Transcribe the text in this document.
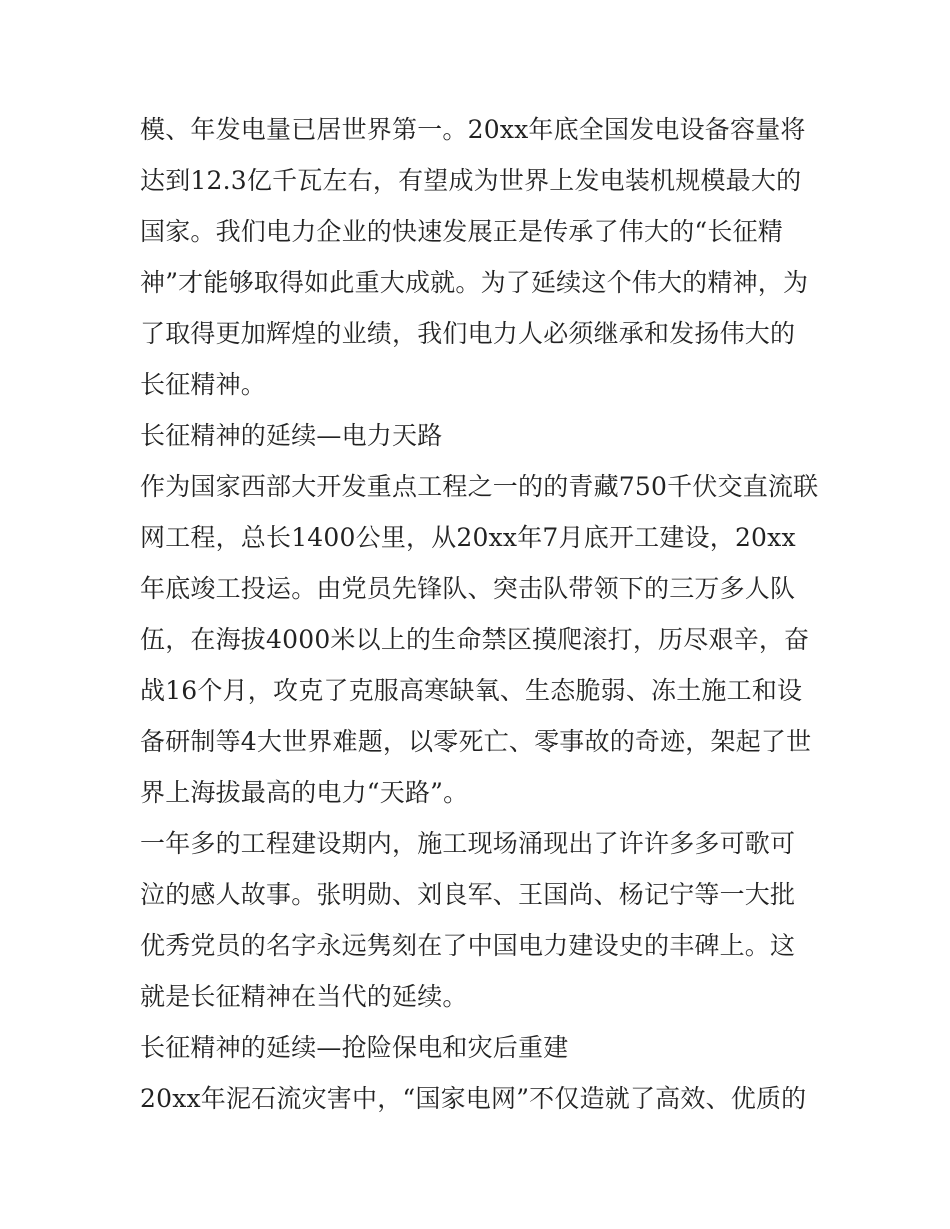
模、年发电量已居世界第一。20xx年底全国发电设备容量将达到12.3亿千瓦左右，有望成为世界上发电装机规模最大的国家。我们电力企业的快速发展正是传承了伟大的“长征精神”才能够取得如此重大成就。为了延续这个伟大的精神，为了取得更加辉煌的业绩，我们电力人必须继承和发扬伟大的长征精神。

长征精神的延续—电力天路

作为国家西部大开发重点工程之一的的青藏750千伏交直流联网工程，总长1400公里，从20xx年7月底开工建设，20xx年底竣工投运。由党员先锋队、突击队带领下的三万多人队伍，在海拔4000米以上的生命禁区摸爬滚打，历尽艰辛，奋战16个月，攻克了克服高寒缺氧、生态脆弱、冻土施工和设备研制等4大世界难题，以零死亡、零事故的奇迹，架起了世界上海拔最高的电力“天路”。

一年多的工程建设期内，施工现场涌现出了许许多多可歌可泣的感人故事。张明勋、刘良军、王国尚、杨记宁等一大批优秀党员的名字永远隽刻在了中国电力建设史的丰碑上。这就是长征精神在当代的延续。

长征精神的延续—抢险保电和灾后重建

20xx年泥石流灾害中，“国家电网”不仅造就了高效、优质的
